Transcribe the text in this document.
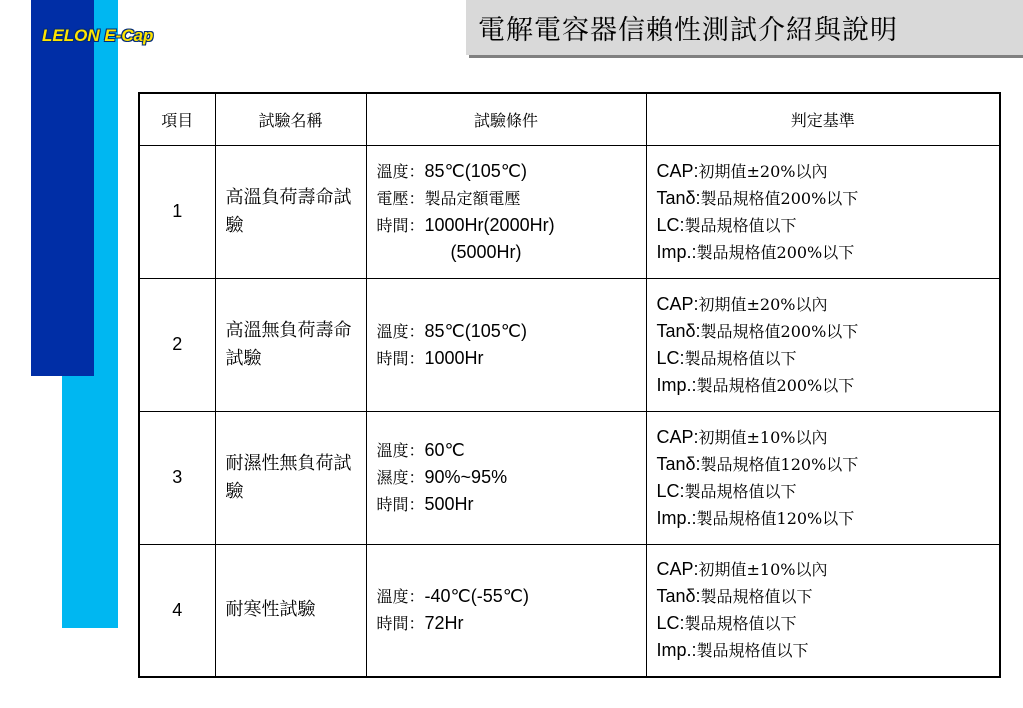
LELON E-Cap	電解電容器信賴性測試介紹與說明
項目	試驗名稱	試驗條件	判定基準
1	高溫負荷壽命試驗	溫度：85℃(105℃)
電壓：製品定額電壓
時間：1000Hr(2000Hr)
(5000Hr)	CAP:初期值±20%以內
Tanδ:製品規格值200%以下
LC:製品規格值以下
Imp.:製品規格值200%以下

2	高溫無負荷壽命試驗	溫度：85℃(105℃)
時間：1000Hr	CAP:初期值±20%以內
Tanδ:製品規格值200%以下
LC:製品規格值以下
Imp.:製品規格值200%以下

3	耐濕性無負荷試驗	溫度：60℃
濕度：90%~95%
時間：500Hr	CAP:初期值±10%以內
Tanδ:製品規格值120%以下
LC:製品規格值以下
Imp.:製品規格值120%以下

4	耐寒性試驗	溫度：-40℃(-55℃)
時間：72Hr	CAP:初期值±10%以內
Tanδ:製品規格值以下
LC:製品規格值以下
Imp.:製品規格值以下
